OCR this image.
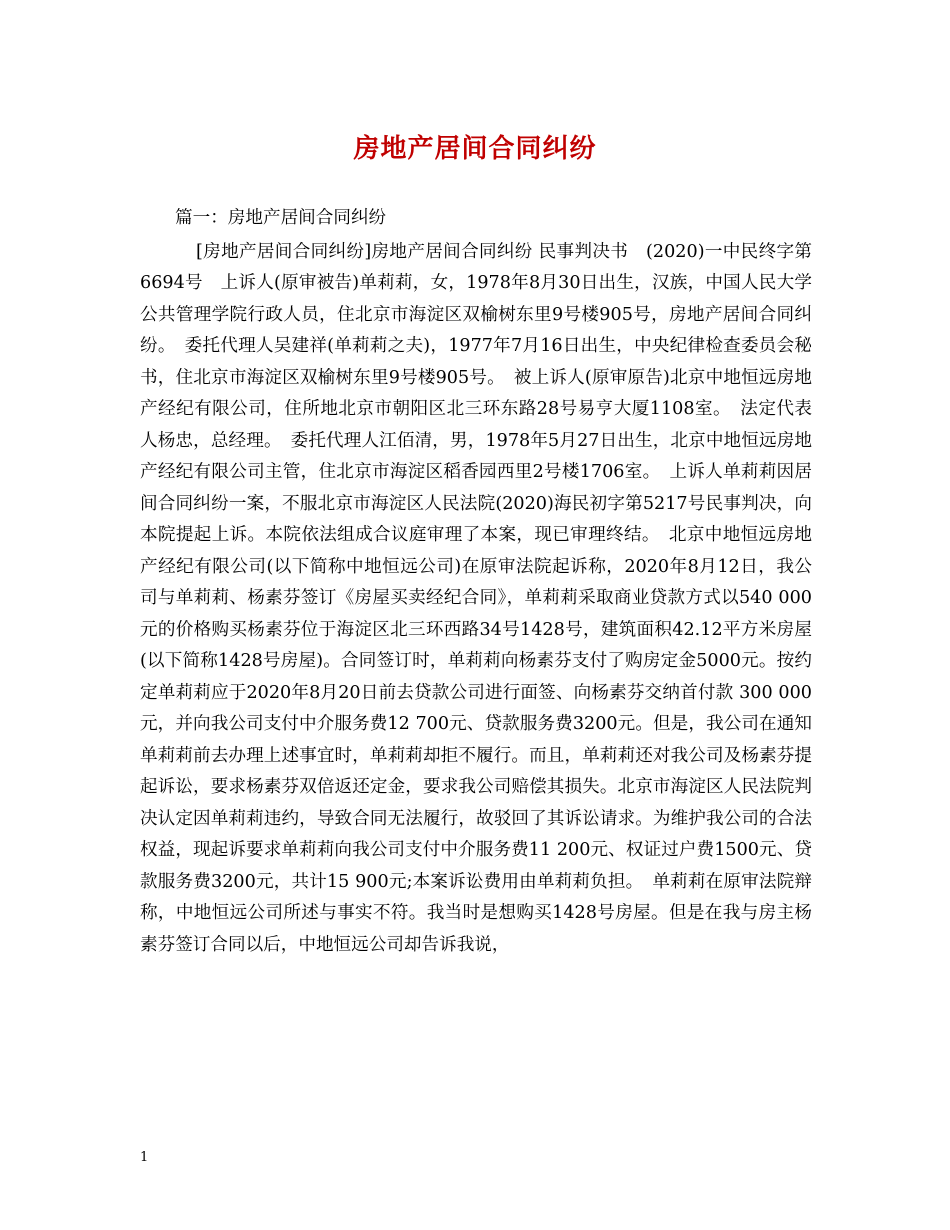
房地产居间合同纠纷
篇一：房地产居间合同纠纷

[房地产居间合同纠纷]房地产居间合同纠纷 民事判决书　(2020)一中民终字第6694号　上诉人(原审被告)单莉莉，女，1978年8月30日出生，汉族，中国人民大学公共管理学院行政人员，住北京市海淀区双榆树东里9号楼905号，房地产居间合同纠纷。　委托代理人吴建祥(单莉莉之夫)，1977年7月16日出生，中央纪律检查委员会秘书，住北京市海淀区双榆树东里9号楼905号。　被上诉人(原审原告)北京中地恒远房地产经纪有限公司，住所地北京市朝阳区北三环东路28号易亨大厦1108室。　法定代表人杨忠，总经理。　委托代理人江佰清，男，1978年5月27日出生，北京中地恒远房地产经纪有限公司主管，住北京市海淀区稻香园西里2号楼1706室。　上诉人单莉莉因居间合同纠纷一案，不服北京市海淀区人民法院(2020)海民初字第5217号民事判决，向本院提起上诉。本院依法组成合议庭审理了本案，现已审理终结。　北京中地恒远房地产经纪有限公司(以下简称中地恒远公司)在原审法院起诉称，2020年8月12日，我公司与单莉莉、杨素芬签订《房屋买卖经纪合同》，单莉莉采取商业贷款方式以540 000元的价格购买杨素芬位于海淀区北三环西路34号1428号，建筑面积42.12平方米房屋(以下简称1428号房屋)。合同签订时，单莉莉向杨素芬支付了购房定金5000元。按约定单莉莉应于2020年8月20日前去贷款公司进行面签、向杨素芬交纳首付款 300 000元，并向我公司支付中介服务费12 700元、贷款服务费3200元。但是，我公司在通知单莉莉前去办理上述事宜时，单莉莉却拒不履行。而且，单莉莉还对我公司及杨素芬提起诉讼，要求杨素芬双倍返还定金，要求我公司赔偿其损失。北京市海淀区人民法院判决认定因单莉莉违约，导致合同无法履行，故驳回了其诉讼请求。为维护我公司的合法权益，现起诉要求单莉莉向我公司支付中介服务费11 200元、权证过户费1500元、贷款服务费3200元，共计15 900元;本案诉讼费用由单莉莉负担。　单莉莉在原审法院辩称，中地恒远公司所述与事实不符。我当时是想购买1428号房屋。但是在我与房主杨素芬签订合同以后，中地恒远公司却告诉我说，

1
